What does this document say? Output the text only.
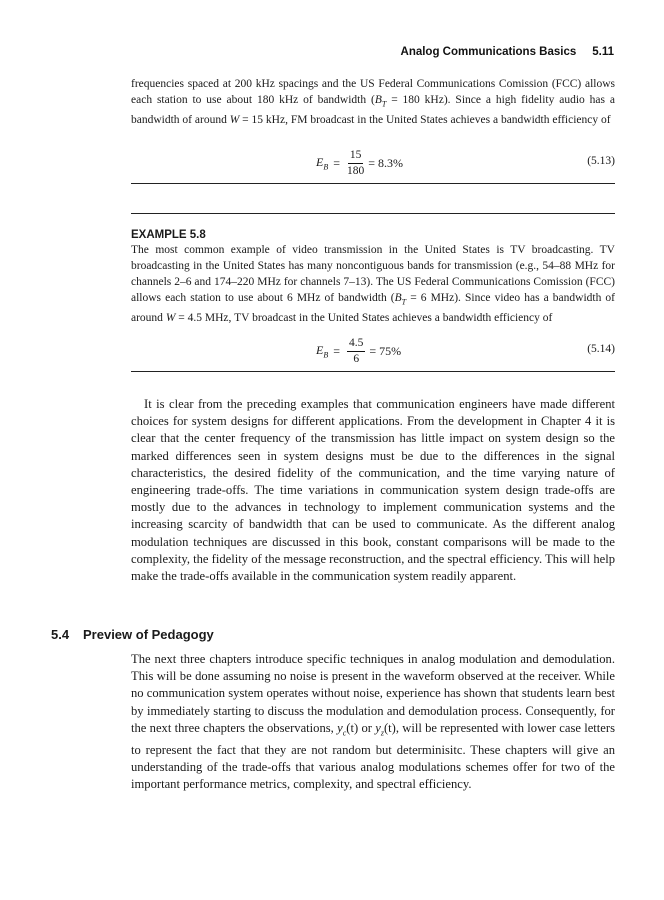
Analog Communications Basics 5.11
frequencies spaced at 200 kHz spacings and the US Federal Communications Comission (FCC) allows each station to use about 180 kHz of bandwidth ($B_T = 180$ kHz). Since a high fidelity audio has a bandwidth of around W = 15 kHz, FM broadcast in the United States achieves a bandwidth efficiency of
$E_B = \frac{15}{180} = 8.3\%$	(5.13)
EXAMPLE 5.8
The most common example of video transmission in the United States is TV broadcasting. TV broadcasting in the United States has many noncontiguous bands for transmission (e.g., 54–88 MHz for channels 2–6 and 174–220 MHz for channels 7–13). The US Federal Communications Comission (FCC) allows each station to use about 6 MHz of bandwidth ($B_T = 6$ MHz). Since video has a bandwidth of around W = 4.5 MHz, TV broadcast in the United States achieves a bandwidth efficiency of
$E_B = \frac{4.5}{6} = 75\%$	(5.14)
It is clear from the preceding examples that communication engineers have made different choices for system designs for different applications. From the development in Chapter 4 it is clear that the center frequency of the transmission has little impact on system design so the marked differences seen in system designs must be due to the differences in the signal characteristics, the desired fidelity of the communication, and the time varying nature of engineering trade-offs. The time variations in communication system design trade-offs are mostly due to the advances in technology to implement communication systems and the increasing scarcity of bandwidth that can be used to communicate. As the different analog modulation techniques are discussed in this book, constant comparisons will be made to the complexity, the fidelity of the message reconstruction, and the spectral efficiency. This will help make the trade-offs available in the communication system readily apparent.
5.4 Preview of Pedagogy
The next three chapters introduce specific techniques in analog modulation and demodulation. This will be done assuming no noise is present in the waveform observed at the receiver. While no communication system operates without noise, experience has shown that students learn best by immediately starting to discuss the modulation and demodulation process. Consequently, for the next three chapters the observations, $y_c(t)$ or $y_z(t)$, will be represented with lower case letters to represent the fact that they are not random but determinisitc. These chapters will give an understanding of the trade-offs that various analog modulations schemes offer for two of the important performance metrics, complexity, and spectral efficiency.
